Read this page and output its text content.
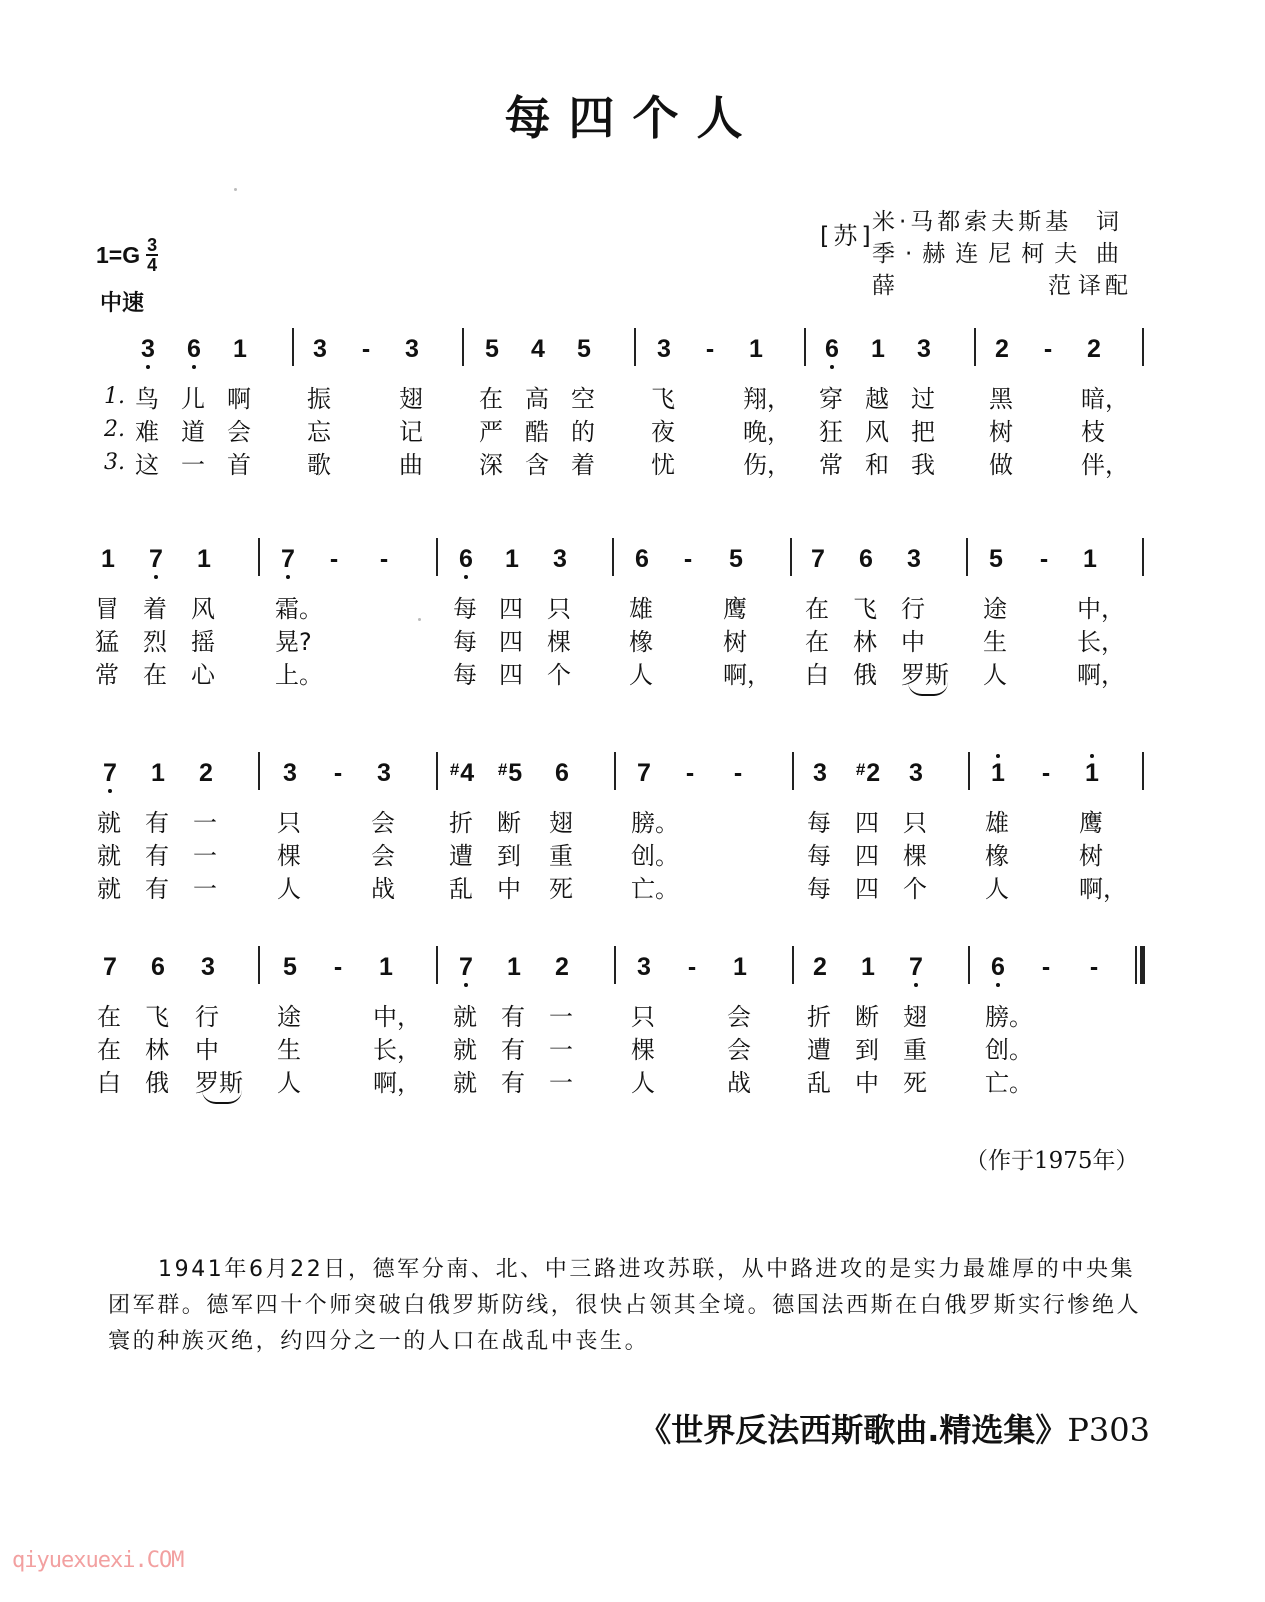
每四个人
[苏]
米·马都索夫斯基 词
季·赫连尼柯夫 曲
薛	范 译配
$1=G \frac{3}{4}$
中速
3	6	1	3	-	3	5	4	5	3	-	1	6	1	3	2	-	2
1. 鸟 儿 啊 振	翅 在 高 空 飞	翔， 穿 越 过 黑	暗，
2. 难 道 会 忘	记 严 酷 的 夜	晚， 狂 风 把 树	枝
3. 这 一 首 歌	曲 深 含 着 忧	伤， 常 和 我 做	伴，
1	7	1	7	-	-	6	1	3	6	-	5	7	6	3	5	-	1
冒 着 风	霜。	每 四 只 雄	鹰 在 飞 行 途	中，
猛 烈 摇	晃?	每 四 棵 橡	树 在 林 中 生	长，
常 在 心	上。	每 四 个 人	啊， 白 俄 罗斯 人	啊，
7	1	2	3	-	3	#4 #5	6	7	-	-	3	#2	3	1	-	1
就 有 一	只	会 折 断 翅 膀。	每 四 只 雄	鹰
就 有 一	棵	会 遭 到 重 创。	每 四 棵 橡	树
就 有 一	人	战 乱 中 死 亡。	每 四 个 人	啊，
7	6	3	5	-	1	7	1	2	3	-	1	2	1	7	6	-	-
在 飞 行 途	中， 就 有 一 只	会 折 断 翅 膀。
在 林 中 生	长， 就 有 一 棵	会 遭 到 重 创。
白 俄 罗斯 人	啊， 就 有 一 人	战 乱 中 死 亡。
（作于1975年）
1941年6月22日，德军分南、北、中三路进攻苏联，从中路进攻的是实力最雄厚的中央集团军群。德军四十个师突破白俄罗斯防线，很快占领其全境。德国法西斯在白俄罗斯实行惨绝人寰的种族灭绝，约四分之一的人口在战乱中丧生。
《世界反法西斯歌曲.精选集》P303
qiyuexuexi.COM
